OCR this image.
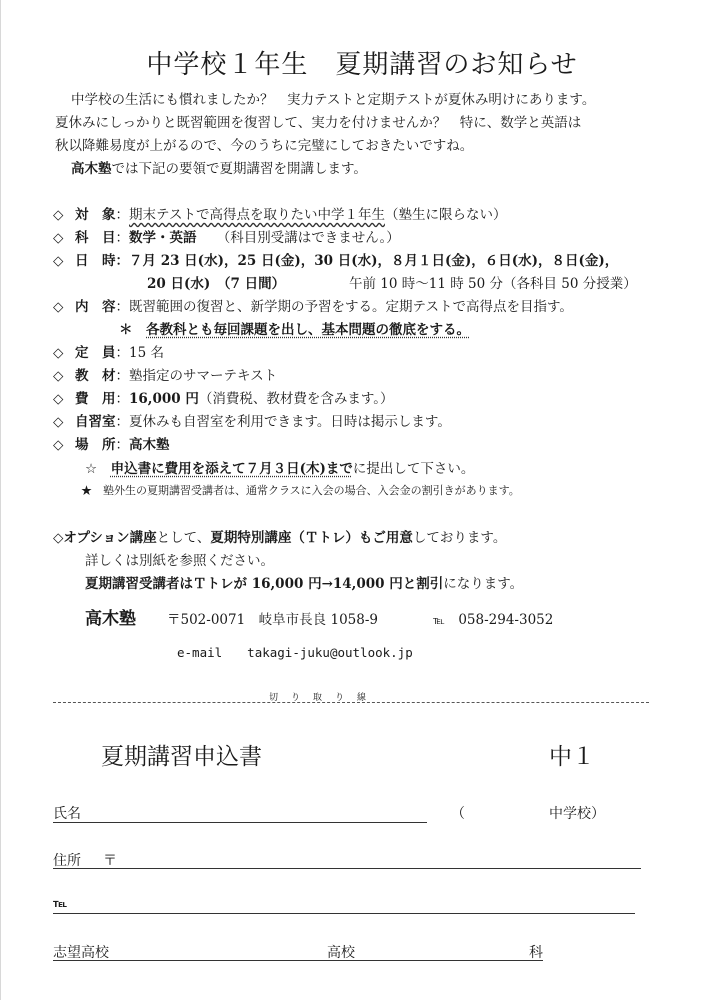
中学校１年生　夏期講習のお知らせ
中学校の生活にも慣れましたか？　実力テストと定期テストが夏休み明けにあります。
夏休みにしっかりと既習範囲を復習して、実力を付けませんか？　特に、数学と英語は
秋以降難易度が上がるので、今のうちに完璧にしておきたいですね。
高木塾では下記の要領で夏期講習を開講します。
◇ 対　象：期末テストで高得点を取りたい中学１年生（塾生に限らない）
◇ 科　目：数学・英語　　 （科目別受講はできません。）
◇ 日　時：７月 23 日(水)，25 日(金)，30 日(水)，８月１日(金)，６日(水)，８日(金)，
20 日(水)　（7 日間）	午前 10 時～11 時 50 分（各科目 50 分授業）
◇ 内　容：既習範囲の復習と、新学期の予習をする。定期テストで高得点を目指す。
＊　 各教科とも毎回課題を出し、基本問題の徹底をする。
◇ 定　員：15 名
◇ 教　材：塾指定のサマーテキスト
◇ 費　用：16,000 円（消費税、教材費を含みます。）
◇ 自習室：夏休みも自習室を利用できます。日時は掲示します。
◇ 場　所：高木塾
☆　 申込書に費用を添えて７月３日(木)までに提出して下さい。
★　 塾外生の夏期講習受講者は、通常クラスに入会の場合、入会金の割引きがあります。
◇オプション講座として、夏期特別講座（Ｔトレ）もご用意しております。
詳しくは別紙を参照ください。
夏期講習受講者はＴトレが 16,000 円→14,000 円と割引になります。
高木塾 〒502-0071　岐阜市長良 1058-9	℡　 058-294-3052
e-mail　　 takagi-juku@outlook.jp
切　り　取　り　線
夏期講習申込書	中１
氏名	（	中学校）
住所 〒
℡
志望高校	高校	科
